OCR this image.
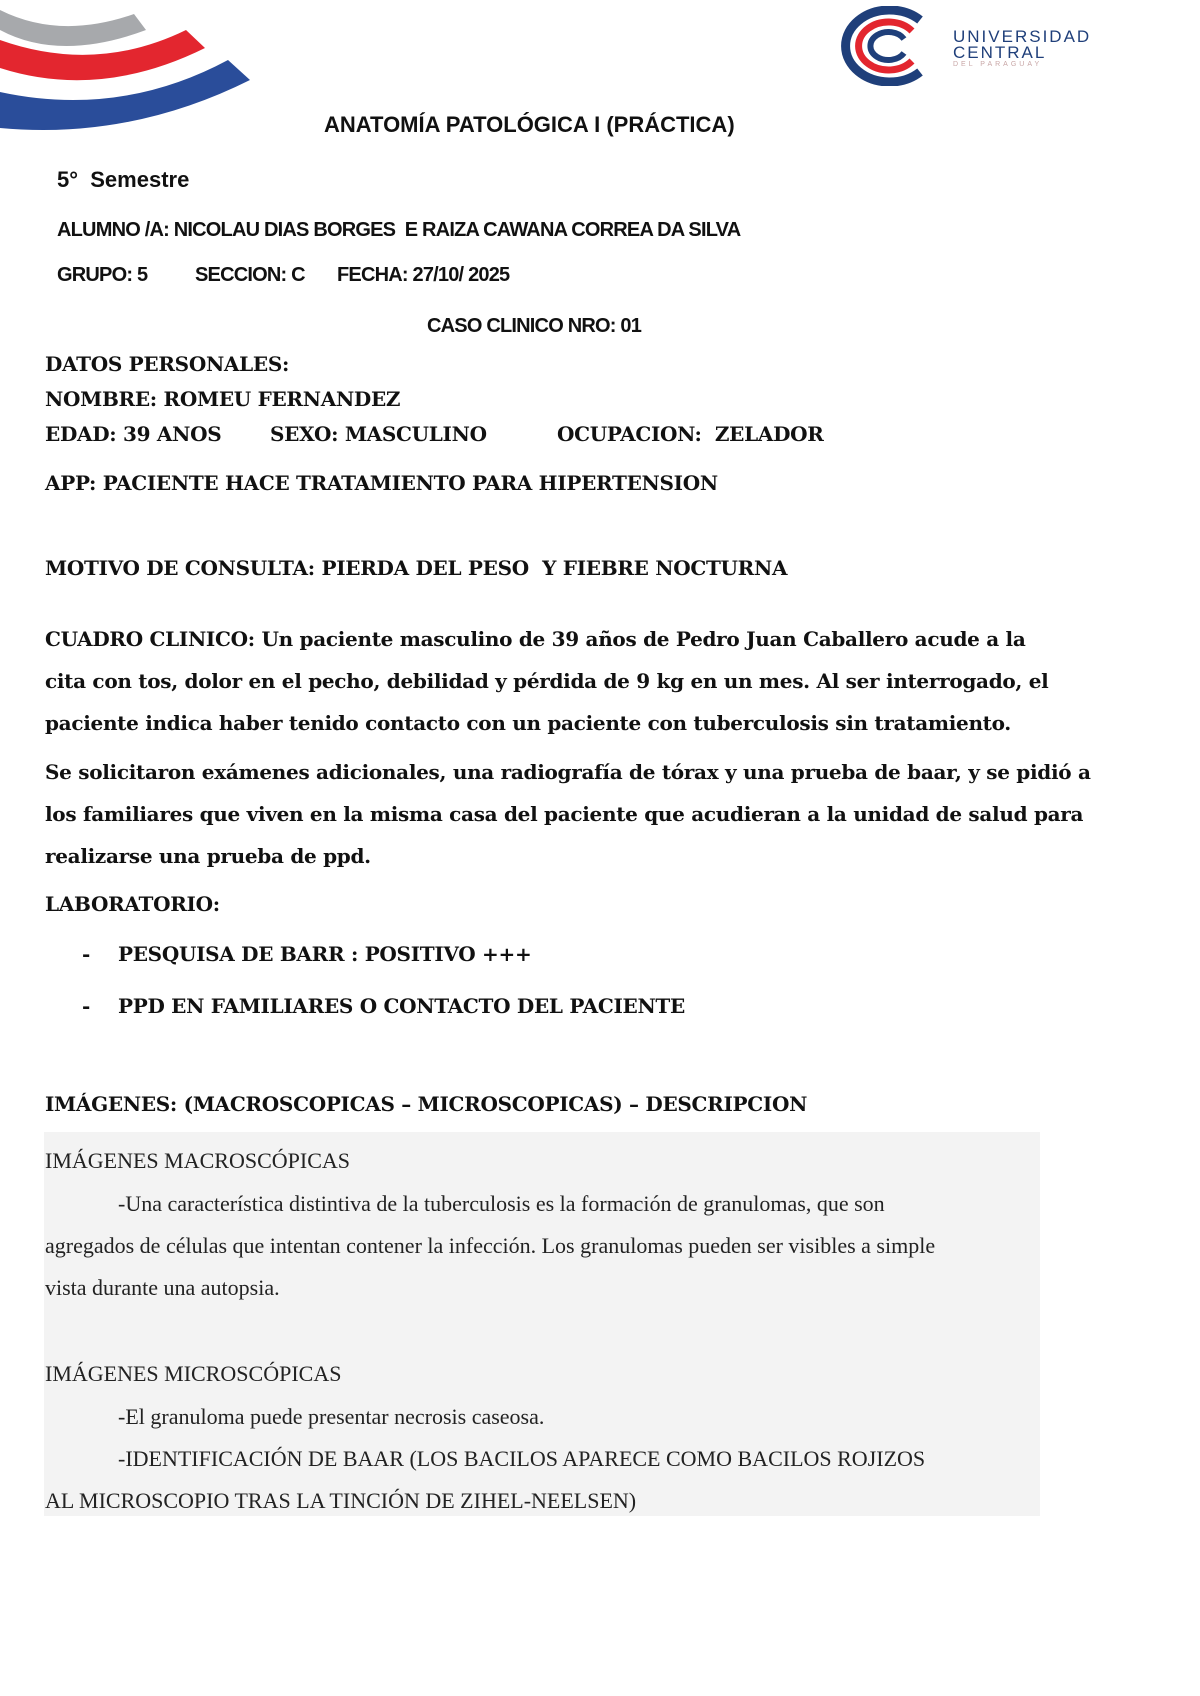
UNIVERSIDAD
CENTRAL
DEL PARAGUAY
ANATOMÍA PATOLÓGICA I (PRÁCTICA)
5°  Semestre
ALUMNO /A: NICOLAU DIAS BORGES  E RAIZA CAWANA CORREA DA SILVA
GRUPO: 5 SECCION: C FECHA: 27/10/ 2025
CASO CLINICO NRO: 01
DATOS PERSONALES:
NOMBRE: ROMEU FERNANDEZ
EDAD: 39 ANOS SEXO: MASCULINO	OCUPACION:  ZELADOR
APP: PACIENTE HACE TRATAMIENTO PARA HIPERTENSION
MOTIVO DE CONSULTA: PIERDA DEL PESO  Y FIEBRE NOCTURNA
CUADRO CLINICO: Un paciente masculino de 39 años de Pedro Juan Caballero acude a la
cita con tos, dolor en el pecho, debilidad y pérdida de 9 kg en un mes. Al ser interrogado, el
paciente indica haber tenido contacto con un paciente con tuberculosis sin tratamiento.
Se solicitaron exámenes adicionales, una radiografía de tórax y una prueba de baar, y se pidió a
los familiares que viven en la misma casa del paciente que acudieran a la unidad de salud para
realizarse una prueba de ppd.
LABORATORIO:
- PESQUISA DE BARR : POSITIVO +++
- PPD EN FAMILIARES O CONTACTO DEL PACIENTE
IMÁGENES: (MACROSCOPICAS – MICROSCOPICAS) – DESCRIPCION
IMÁGENES MACROSCÓPICAS
-Una característica distintiva de la tuberculosis es la formación de granulomas, que son
agregados de células que intentan contener la infección. Los granulomas pueden ser visibles a simple
vista durante una autopsia.
IMÁGENES MICROSCÓPICAS
-El granuloma puede presentar necrosis caseosa.
-IDENTIFICACIÓN DE BAAR (LOS BACILOS APARECE COMO BACILOS ROJIZOS
AL MICROSCOPIO TRAS LA TINCIÓN DE ZIHEL-NEELSEN)
